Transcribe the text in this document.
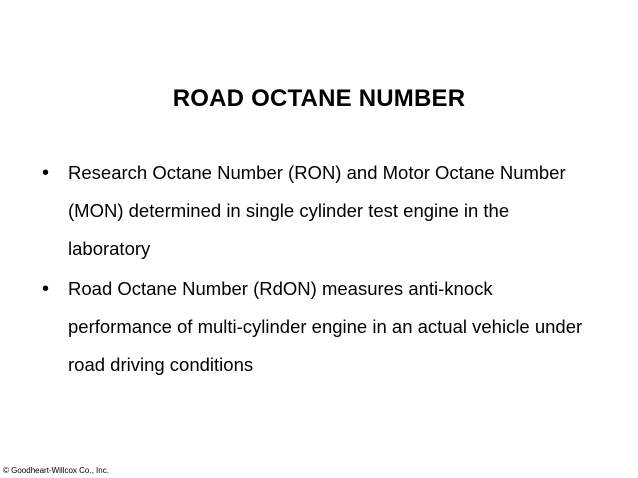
ROAD OCTANE NUMBER
• Research Octane Number (RON) and Motor Octane Number (MON) determined in single cylinder test engine in the laboratory
• Road Octane Number (RdON) measures anti-knock performance of multi-cylinder engine in an actual vehicle under road driving conditions
© Goodheart-Willcox Co., Inc.
